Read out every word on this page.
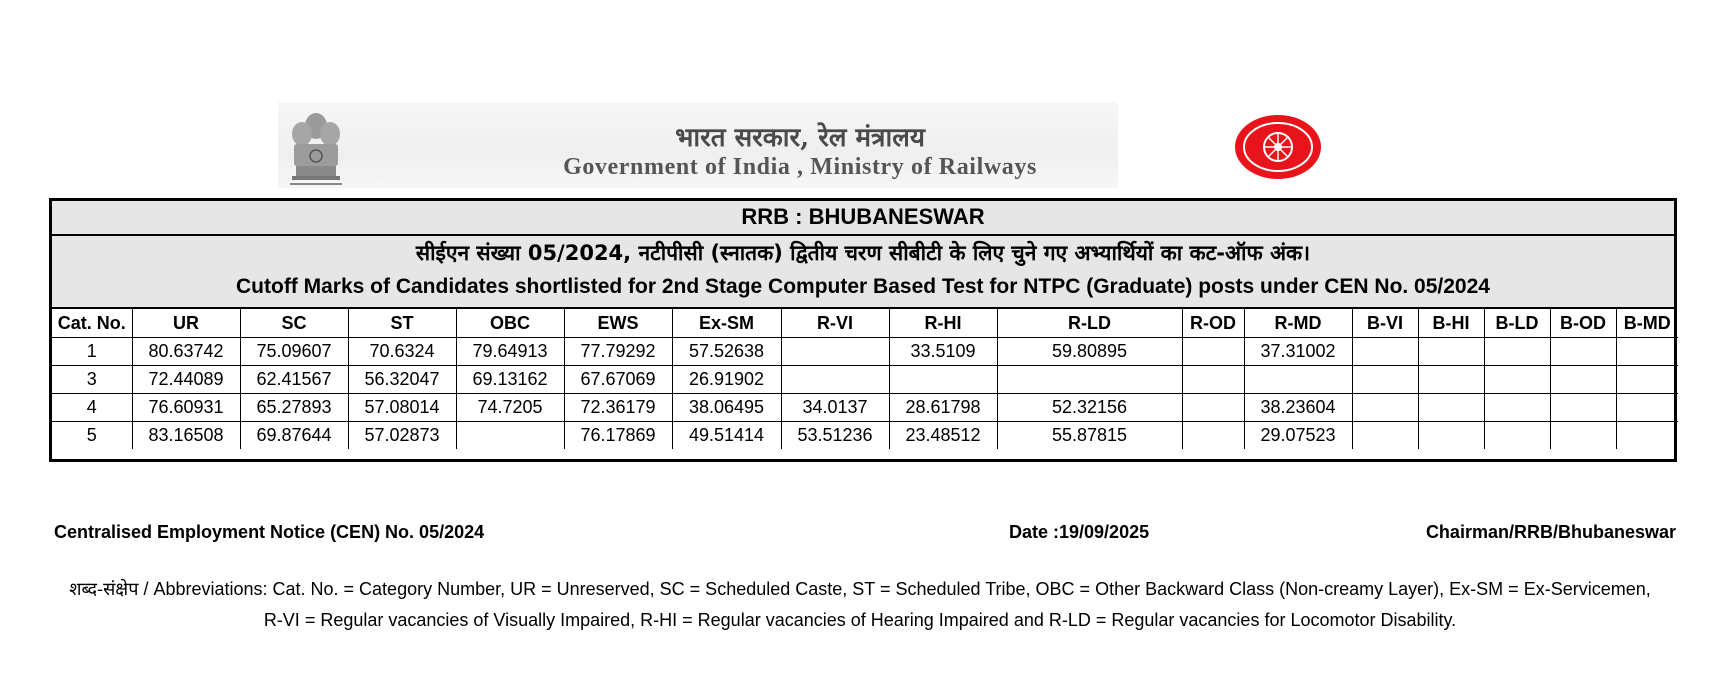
भारत सरकार, रेल मंत्रालय
Government of India , Ministry of Railways
RRB : BHUBANESWAR
सीईएन संख्या 05/2024, नटीपीसी (स्नातक) द्वितीय चरण सीबीटी के लिए चुने गए अभ्यार्थियों का कट-ऑफ अंक।
Cutoff Marks of Candidates shortlisted for 2nd Stage Computer Based Test for NTPC (Graduate) posts under CEN No. 05/2024
Cat. No.	UR	SC	ST	OBC	EWS	Ex-SM	R-VI	R-HI	R-LD	R-OD	R-MD	B-VI	B-HI	B-LD	B-OD	B-MD
1	80.63742	75.09607	70.6324	79.64913	77.79292	57.52638		33.5109	59.80895		37.31002					
3	72.44089	62.41567	56.32047	69.13162	67.67069	26.91902										
4	76.60931	65.27893	57.08014	74.7205	72.36179	38.06495	34.0137	28.61798	52.32156		38.23604					
5	83.16508	69.87644	57.02873		76.17869	49.51414	53.51236	23.48512	55.87815		29.07523					
Centralised Employment Notice (CEN) No. 05/2024	Date :19/09/2025	Chairman/RRB/Bhubaneswar
शब्द-संक्षेप / Abbreviations: Cat. No. = Category Number, UR = Unreserved, SC = Scheduled Caste, ST = Scheduled Tribe, OBC = Other Backward Class (Non-creamy Layer), Ex-SM = Ex-Servicemen, R-VI = Regular vacancies of Visually Impaired, R-HI = Regular vacancies of Hearing Impaired and R-LD = Regular vacancies for Locomotor Disability.
